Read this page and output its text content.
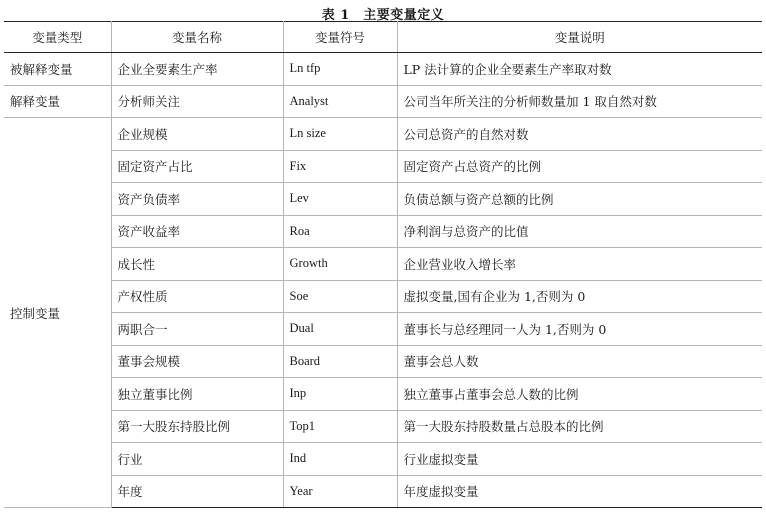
表 1　主要变量定义
变量类型	变量名称	变量符号	变量说明
被解释变量	企业全要素生产率	Ln tfp	LP 法计算的企业全要素生产率取对数
解释变量	分析师关注	Analyst	公司当年所关注的分析师数量加 1 取自然对数
控制变量	企业规模	Ln size	公司总资产的自然对数
	固定资产占比	Fix	固定资产占总资产的比例
	资产负债率	Lev	负债总额与资产总额的比例
	资产收益率	Roa	净利润与总资产的比值
	成长性	Growth	企业营业收入增长率
	产权性质	Soe	虚拟变量,国有企业为 1,否则为 0
	两职合一	Dual	董事长与总经理同一人为 1,否则为 0
	董事会规模	Board	董事会总人数
	独立董事比例	Inp	独立董事占董事会总人数的比例
	第一大股东持股比例	Top1	第一大股东持股数量占总股本的比例
	行业	Ind	行业虚拟变量
	年度	Year	年度虚拟变量
